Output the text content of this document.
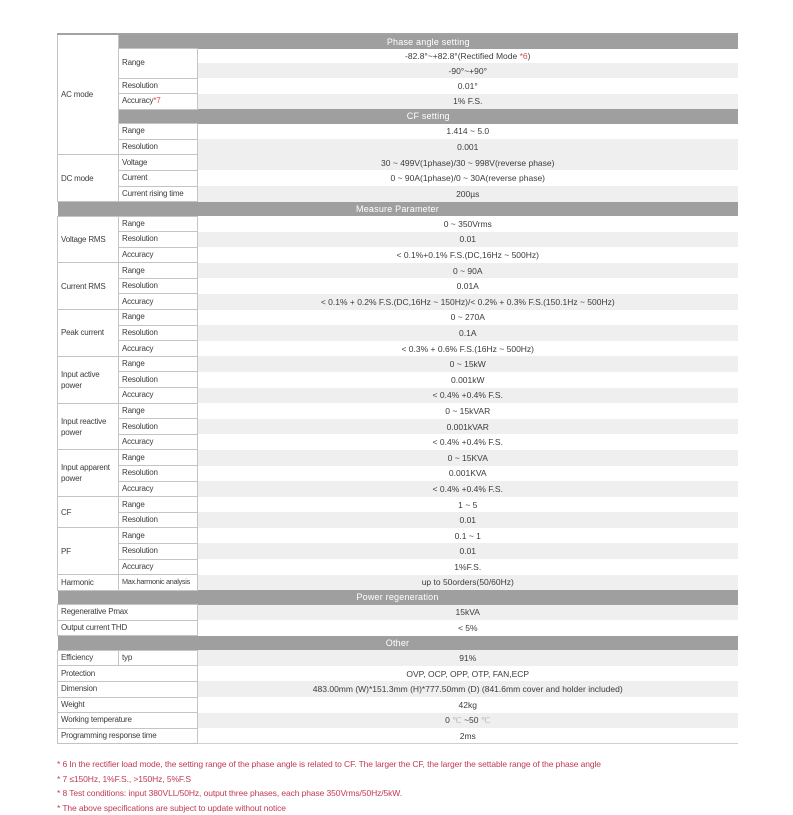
AC mode	Phase angle setting	
	Range	-82.8°~+82.8°(Rectified Mode *6)
		-90°~+90°
	Resolution	0.01°
	Accuracy*7	1% F.S.
	CF setting	
	Range	1.414 ~ 5.0
	Resolution	0.001
DC mode	Voltage	30 ~ 499V(1phase)/30 ~ 998V(reverse phase)
	Current	0 ~ 90A(1phase)/0 ~ 30A(reverse phase)
	Current rising time	200µs
Measure Parameter		
Voltage RMS	Range	0 ~ 350Vrms
	Resolution	0.01
	Accuracy	< 0.1%+0.1% F.S.(DC,16Hz ~ 500Hz)
Current RMS	Range	0 ~ 90A
	Resolution	0.01A
	Accuracy	< 0.1% + 0.2% F.S.(DC,16Hz ~ 150Hz)/< 0.2% + 0.3% F.S.(150.1Hz ~ 500Hz)
Peak current	Range	0 ~ 270A
	Resolution	0.1A
	Accuracy	< 0.3% + 0.6% F.S.(16Hz ~ 500Hz)
Input active power	Range	0 ~ 15kW
	Resolution	0.001kW
	Accuracy	< 0.4% +0.4% F.S.
Input reactive power	Range	0 ~ 15kVAR
	Resolution	0.001kVAR
	Accuracy	< 0.4% +0.4% F.S.
Input apparent power	Range	0 ~ 15KVA
	Resolution	0.001KVA
	Accuracy	< 0.4% +0.4% F.S.
CF	Range	1 ~ 5
	Resolution	0.01
PF	Range	0.1 ~ 1
	Resolution	0.01
	Accuracy	1%F.S.
Harmonic	Max.harmonic analysis	up to 50orders(50/60Hz)
Power regeneration		
Regenerative Pmax		15kVA
Output current THD		< 5%
Other		
Efficiency	typ	91%
Protection		OVP, OCP, OPP, OTP, FAN,ECP
Dimension		483.00mm (W)*151.3mm (H)*777.50mm (D) (841.6mm cover and holder included)
Weight		42kg
Working temperature		0 ℃ ~50 ℃
Programming response time		2ms
* 6 In the rectifier load mode, the setting range of the phase angle is related to CF. The larger the CF, the larger the settable range of the phase angle
* 7 ≤150Hz, 1%F.S., >150Hz, 5%F.S
* 8 Test conditions: input 380VLL/50Hz, output three phases, each phase 350Vrms/50Hz/5kW.
* The above specifications are subject to update without notice
